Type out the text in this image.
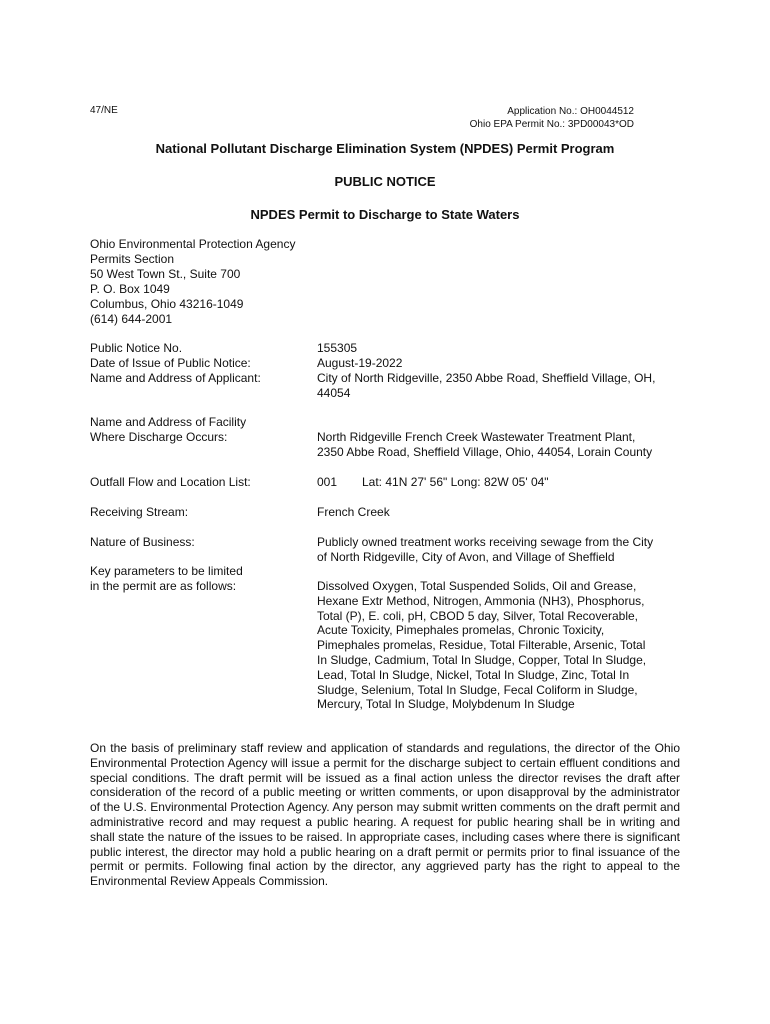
47/NE	Application No.: OH0044512
Ohio EPA Permit No.: 3PD00043*OD
National Pollutant Discharge Elimination System (NPDES) Permit Program
PUBLIC NOTICE
NPDES Permit to Discharge to State Waters
Ohio Environmental Protection Agency
Permits Section
50 West Town St., Suite 700
P. O. Box 1049
Columbus, Ohio 43216-1049
(614) 644-2001
Public Notice No.	155305
Date of Issue of Public Notice:	August-19-2022
Name and Address of Applicant:	City of North Ridgeville, 2350 Abbe Road, Sheffield Village, OH,
44054
Name and Address of Facility
Where Discharge Occurs:	North Ridgeville French Creek Wastewater Treatment Plant,
2350 Abbe Road, Sheffield Village, Ohio, 44054, Lorain County
Outfall Flow and Location List:	001 Lat: 41N 27' 56" Long: 82W 05' 04"
Receiving Stream:	French Creek
Nature of Business:	Publicly owned treatment works receiving sewage from the City
of North Ridgeville, City of Avon, and Village of Sheffield
Key parameters to be limited
in the permit are as follows:	Dissolved Oxygen, Total Suspended Solids, Oil and Grease,
Hexane Extr Method, Nitrogen, Ammonia (NH3), Phosphorus,
Total (P), E. coli, pH, CBOD 5 day, Silver, Total Recoverable,
Acute Toxicity, Pimephales promelas, Chronic Toxicity,
Pimephales promelas, Residue, Total Filterable, Arsenic, Total
In Sludge, Cadmium, Total In Sludge, Copper, Total In Sludge,
Lead, Total In Sludge, Nickel, Total In Sludge, Zinc, Total In
Sludge, Selenium, Total In Sludge, Fecal Coliform in Sludge,
Mercury, Total In Sludge, Molybdenum In Sludge
On the basis of preliminary staff review and application of standards and regulations, the director of the Ohio Environmental Protection Agency will issue a permit for the discharge subject to certain effluent conditions and special conditions. The draft permit will be issued as a final action unless the director revises the draft after consideration of the record of a public meeting or written comments, or upon disapproval by the administrator of the U.S. Environmental Protection Agency. Any person may submit written comments on the draft permit and administrative record and may request a public hearing. A request for public hearing shall be in writing and shall state the nature of the issues to be raised. In appropriate cases, including cases where there is significant public interest, the director may hold a public hearing on a draft permit or permits prior to final issuance of the permit or permits. Following final action by the director, any aggrieved party has the right to appeal to the Environmental Review Appeals Commission.
